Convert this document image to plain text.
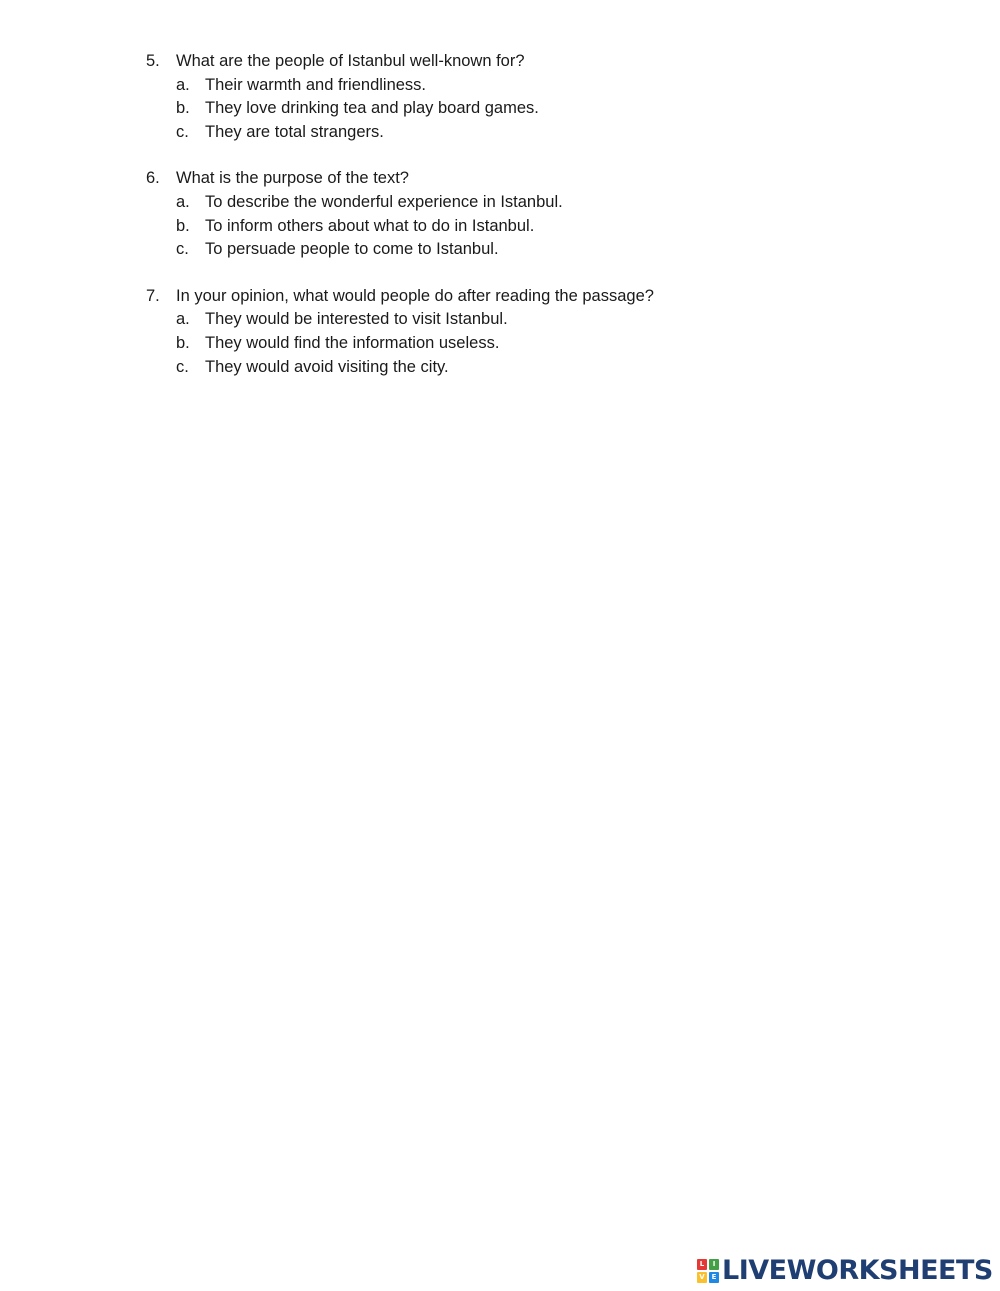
5. What are the people of Istanbul well-known for?
a. Their warmth and friendliness.
b. They love drinking tea and play board games.
c. They are total strangers.
6. What is the purpose of the text?
a. To describe the wonderful experience in Istanbul.
b. To inform others about what to do in Istanbul.
c. To persuade people to come to Istanbul.
7. In your opinion, what would people do after reading the passage?
a. They would be interested to visit Istanbul.
b. They would find the information useless.
c. They would avoid visiting the city.
L	I
V E LIVEWORKSHEETS
